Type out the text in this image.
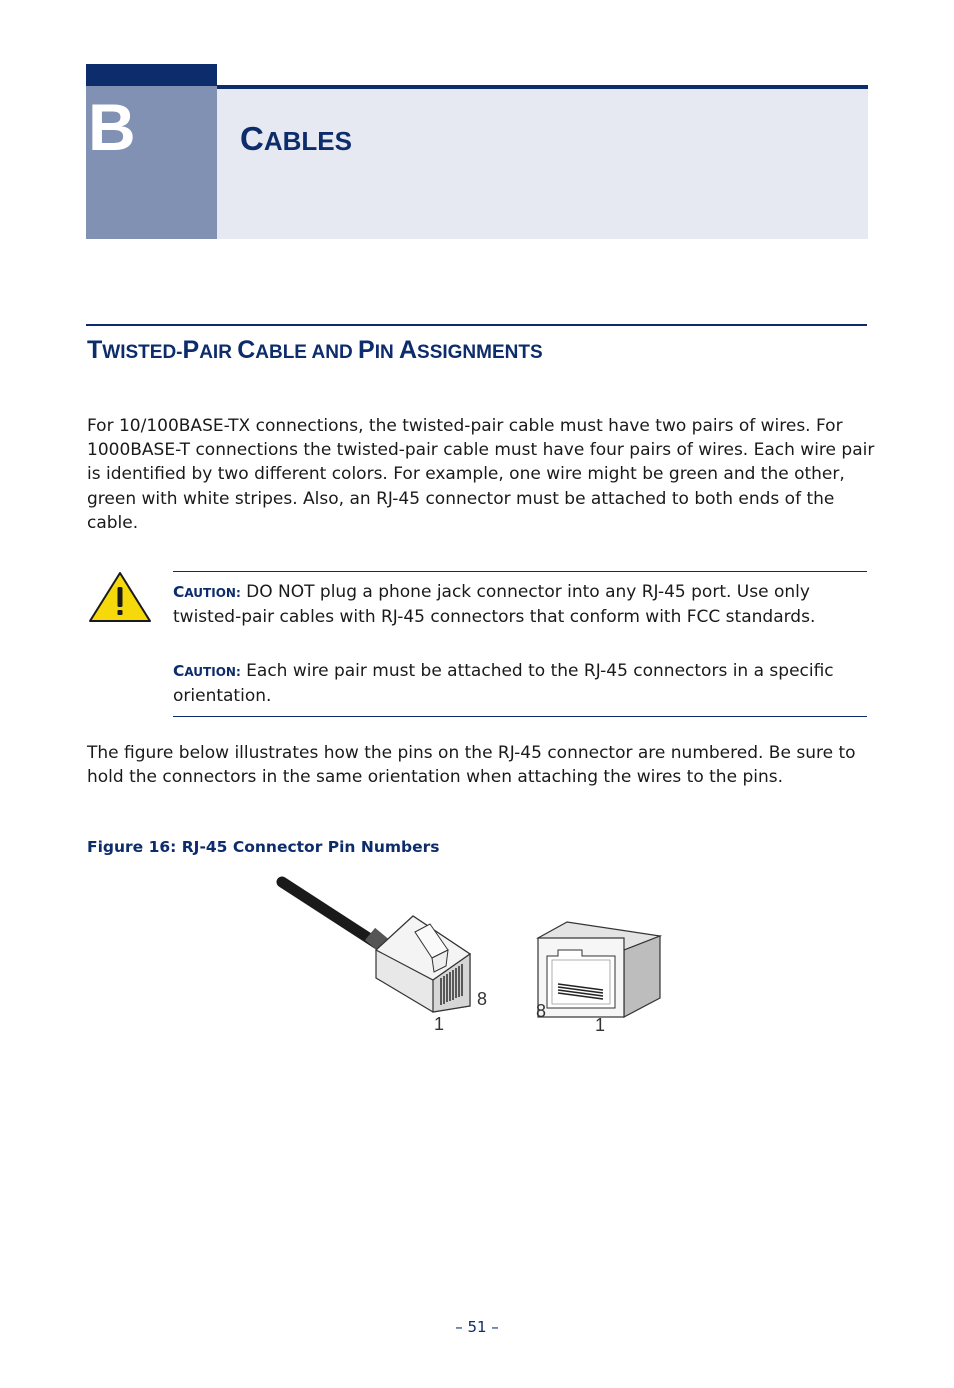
B	CABLES
TWISTED-PAIR CABLE AND PIN ASSIGNMENTS

For 10/100BASE-TX connections, the twisted-pair cable must have two pairs of wires. For 1000BASE-T connections the twisted-pair cable must have four pairs of wires. Each wire pair is identified by two different colors. For example, one wire might be green and the other, green with white stripes. Also, an RJ-45 connector must be attached to both ends of the cable.

CAUTION: DO NOT plug a phone jack connector into any RJ-45 port. Use only twisted-pair cables with RJ-45 connectors that conform with FCC standards.

CAUTION: Each wire pair must be attached to the RJ-45 connectors in a specific orientation.

The figure below illustrates how the pins on the RJ-45 connector are numbered. Be sure to hold the connectors in the same orientation when attaching the wires to the pins.

Figure 16: RJ-45 Connector Pin Numbers
1
8
8
1
– 51 –
